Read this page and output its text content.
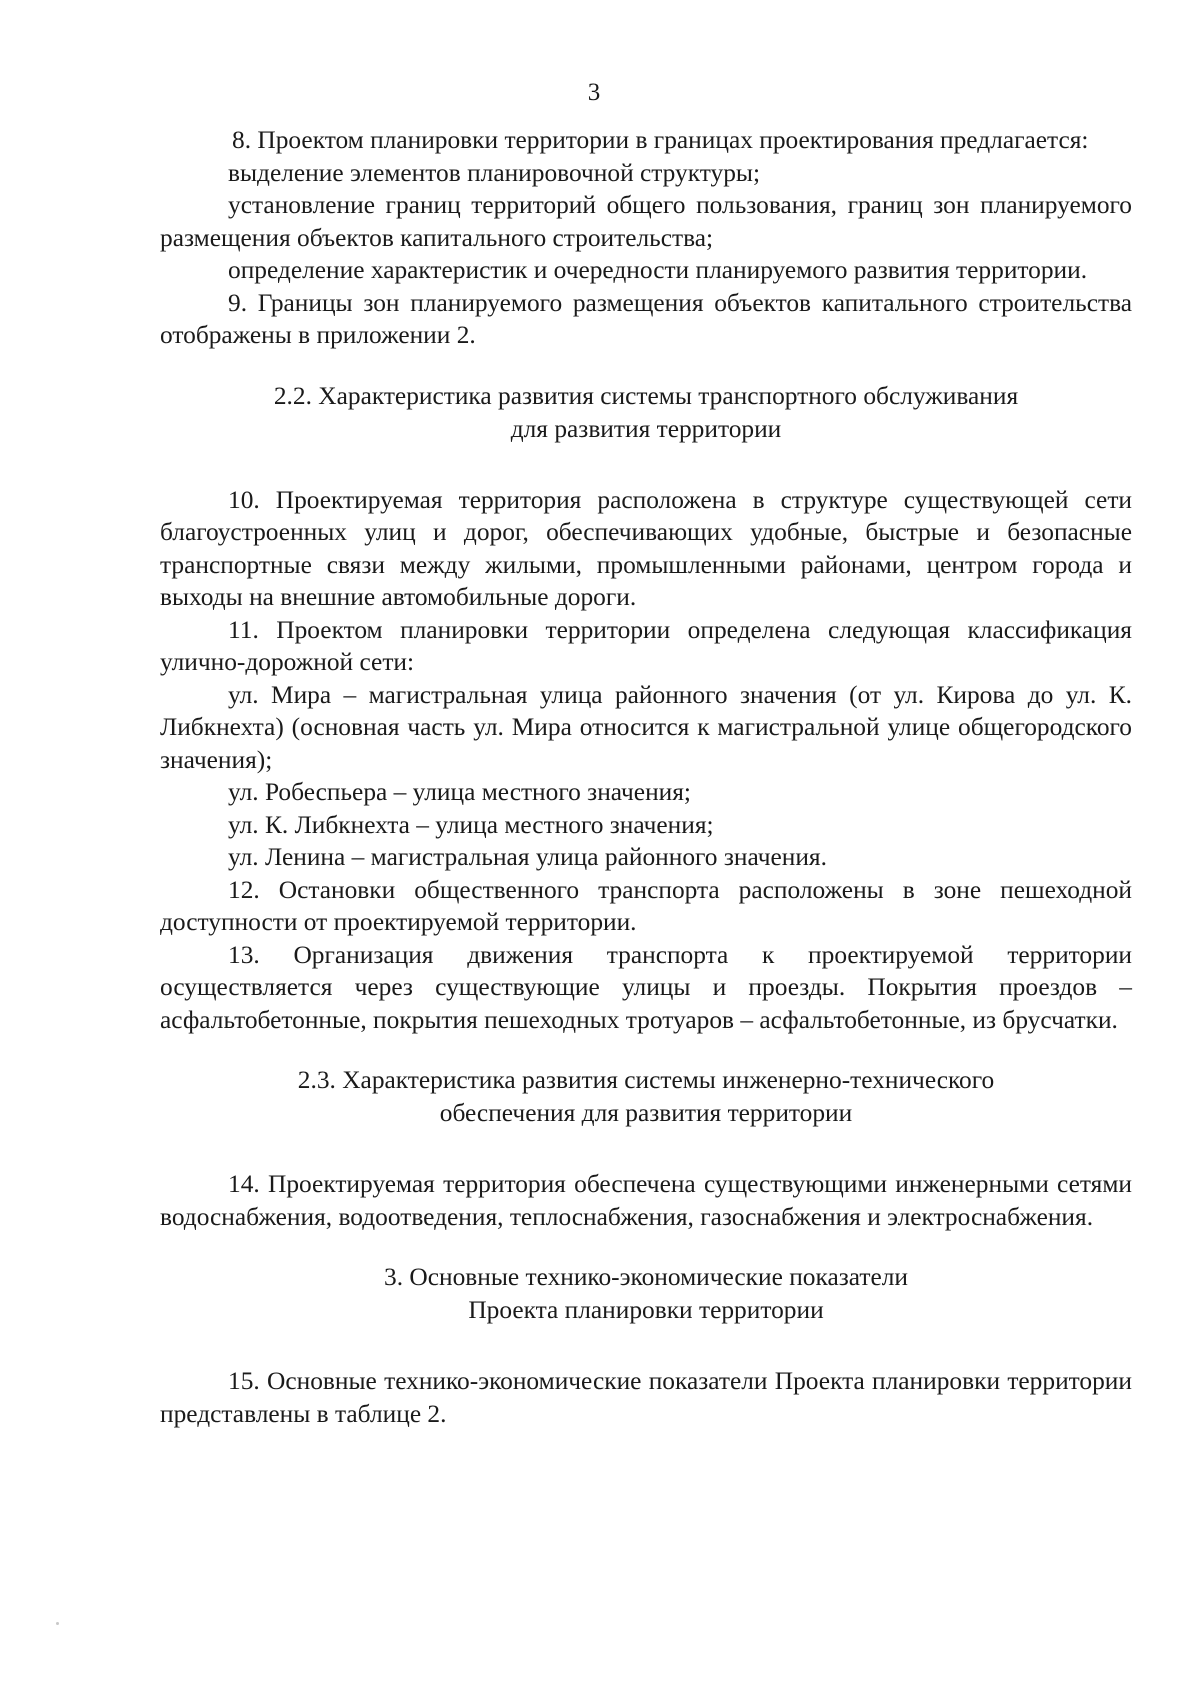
3

8. Проектом планировки территории в границах проектирования предлагается:

выделение элементов планировочной структуры;

установление границ территорий общего пользования, границ зон планируемого размещения объектов капитального строительства;

определение характеристик и очередности планируемого развития территории.

9. Границы зон планируемого размещения объектов капитального строительства отображены в приложении 2.

2.2. Характеристика развития системы транспортного обслуживания
для развития территории

10. Проектируемая территория расположена в структуре существующей сети благоустроенных улиц и дорог, обеспечивающих удобные, быстрые и безопасные транспортные связи между жилыми, промышленными районами, центром города и выходы на внешние автомобильные дороги.

11. Проектом планировки территории определена следующая классификация улично-дорожной сети:

ул. Мира – магистральная улица районного значения (от ул. Кирова до ул. К. Либкнехта) (основная часть ул. Мира относится к магистральной улице общегородского значения);

ул. Робеспьера – улица местного значения;

ул. К. Либкнехта – улица местного значения;

ул. Ленина – магистральная улица районного значения.

12. Остановки общественного транспорта расположены в зоне пешеходной доступности от проектируемой территории.

13. Организация движения транспорта к проектируемой территории осуществляется через существующие улицы и проезды. Покрытия проездов – асфальтобетонные, покрытия пешеходных тротуаров – асфальтобетонные, из брусчатки.

2.3. Характеристика развития системы инженерно-технического
обеспечения для развития территории

14. Проектируемая территория обеспечена существующими инженерными сетями водоснабжения, водоотведения, теплоснабжения, газоснабжения и электроснабжения.

3. Основные технико-экономические показатели
Проекта планировки территории

15. Основные технико-экономические показатели Проекта планировки территории представлены в таблице 2.
